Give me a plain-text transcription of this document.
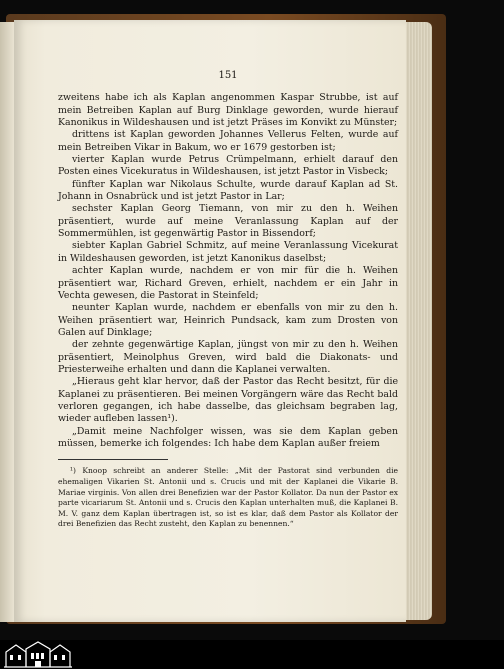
151

zweitens habe ich als Kaplan angenommen Kaspar Strubbe, ist auf mein Betreiben Kaplan auf Burg Dinklage geworden, wurde hierauf Kanonikus in Wildeshausen und ist jetzt Präses im Konvikt zu Münster;

drittens ist Kaplan geworden Johannes Vellerus Felten, wurde auf mein Betreiben Vikar in Bakum, wo er 1679 gestorben ist;

vierter Kaplan wurde Petrus Crümpelmann, erhielt darauf den Posten eines Vicekuratus in Wildeshausen, ist jetzt Pastor in Visbeck;

fünfter Kaplan war Nikolaus Schulte, wurde darauf Kaplan ad St. Johann in Osnabrück und ist jetzt Pastor in Lar;

sechster Kaplan Georg Tiemann, von mir zu den h. Weihen präsentiert, wurde auf meine Veranlassung Kaplan auf der Sommermühlen, ist gegenwärtig Pastor in Bissendorf;

siebter Kaplan Gabriel Schmitz, auf meine Veranlassung Vicekurat in Wildeshausen geworden, ist jetzt Kanonikus daselbst;

achter Kaplan wurde, nachdem er von mir für die h. Weihen präsentiert war, Richard Greven, erhielt, nachdem er ein Jahr in Vechta gewesen, die Pastorat in Steinfeld;

neunter Kaplan wurde, nachdem er ebenfalls von mir zu den h. Weihen präsentiert war, Heinrich Pundsack, kam zum Drosten von Galen auf Dinklage;

der zehnte gegenwärtige Kaplan, jüngst von mir zu den h. Weihen präsentiert, Meinolphus Greven, wird bald die Diakonats- und Priesterweihe erhalten und dann die Kaplanei verwalten.

„Hieraus geht klar hervor, daß der Pastor das Recht besitzt, für die Kaplanei zu präsentieren. Bei meinen Vorgängern wäre das Recht bald verloren gegangen, ich habe dasselbe, das gleichsam begraben lag, wieder aufleben lassen¹).

„Damit meine Nachfolger wissen, was sie dem Kaplan geben müssen, bemerke ich folgendes: Ich habe dem Kaplan außer freiem

¹) Knoop schreibt an anderer Stelle: „Mit der Pastorat sind verbunden die ehemaligen Vikarien St. Antonii und s. Crucis und mit der Kaplanei die Vikarie B. Mariae virginis. Von allen drei Benefizien war der Pastor Kollator. Da nun der Pastor ex parte vicariarum St. Antonii und s. Crucis den Kaplan unterhalten muß, die Kaplanei B. M. V. ganz dem Kaplan übertragen ist, so ist es klar, daß dem Pastor als Kollator der drei Benefizien das Recht zusteht, den Kaplan zu benennen.“
